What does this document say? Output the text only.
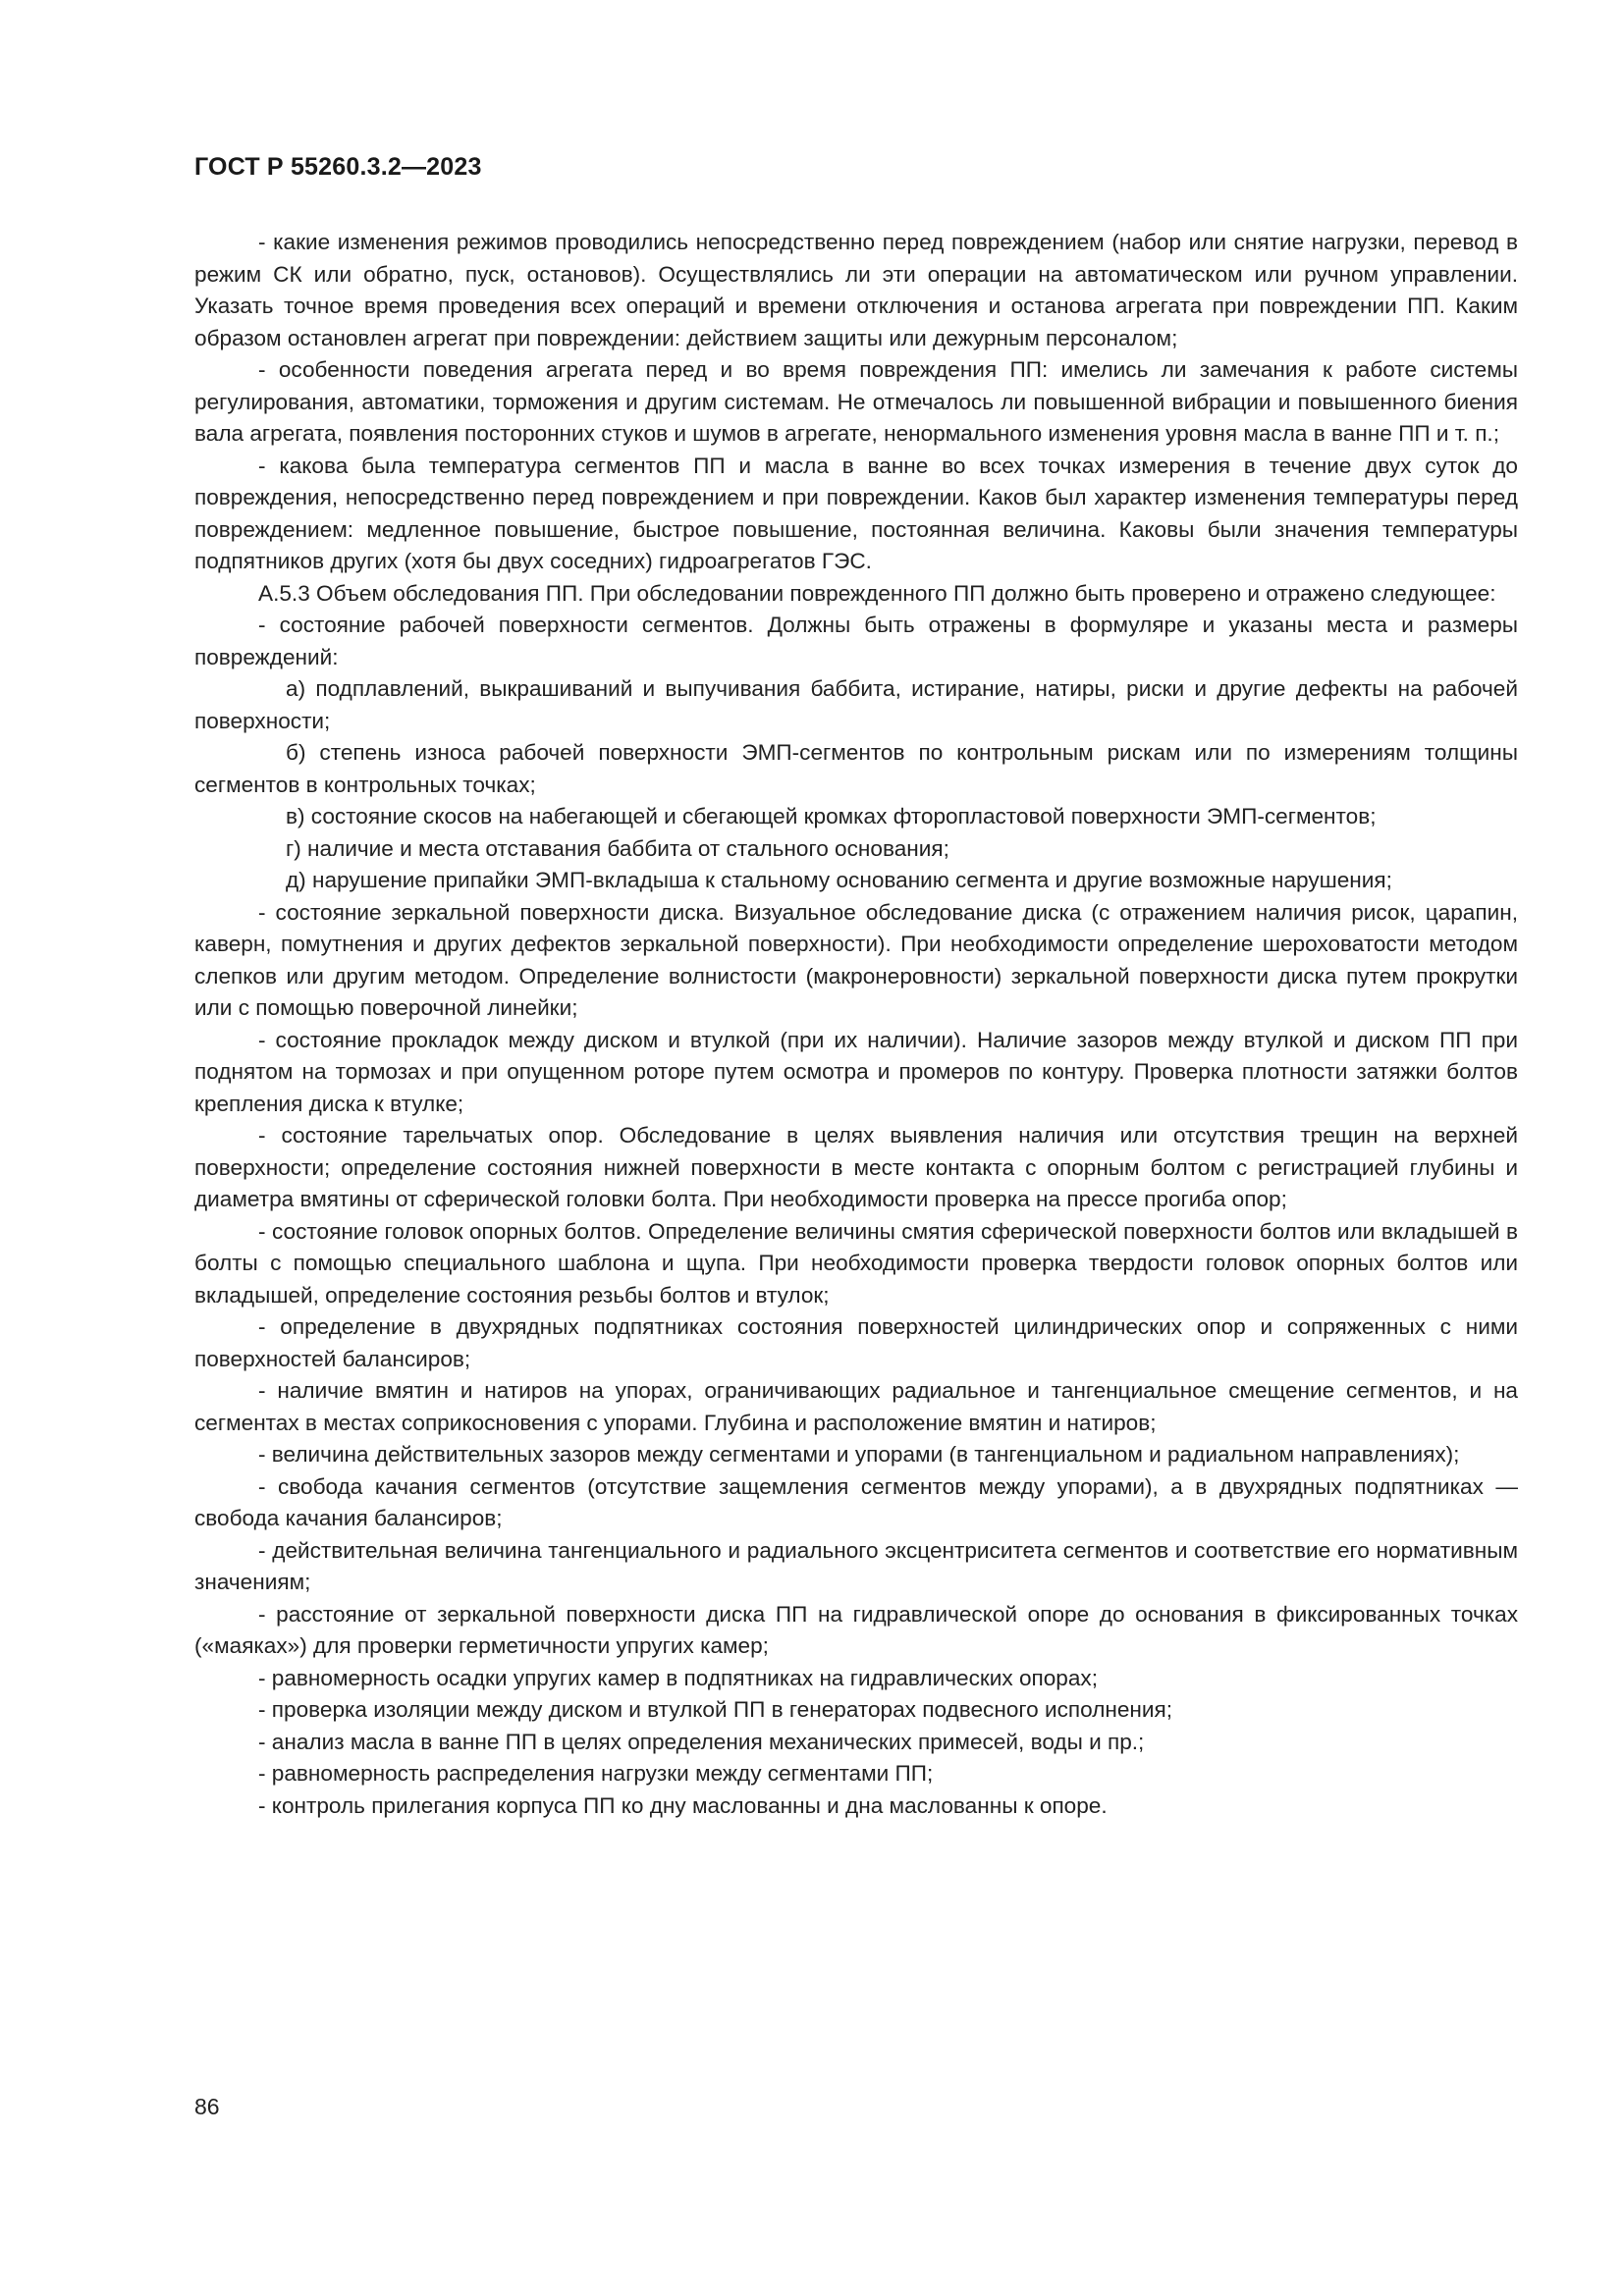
ГОСТ Р 55260.3.2—2023

- какие изменения режимов проводились непосредственно перед повреждением (набор или снятие нагрузки, перевод в режим СК или обратно, пуск, остановов). Осуществлялись ли эти операции на автоматическом или ручном управлении. Указать точное время проведения всех операций и времени отключения и останова агрегата при повреждении ПП. Каким образом остановлен агрегат при повреждении: действием защиты или дежурным персоналом;

- особенности поведения агрегата перед и во время повреждения ПП: имелись ли замечания к работе системы регулирования, автоматики, торможения и другим системам. Не отмечалось ли повышенной вибрации и повышенного биения вала агрегата, появления посторонних стуков и шумов в агрегате, ненормального изменения уровня масла в ванне ПП и т. п.;

- какова была температура сегментов ПП и масла в ванне во всех точках измерения в течение двух суток до повреждения, непосредственно перед повреждением и при повреждении. Каков был характер изменения температуры перед повреждением: медленное повышение, быстрое повышение, постоянная величина. Каковы были значения температуры подпятников других (хотя бы двух соседних) гидроагрегатов ГЭС.

А.5.3 Объем обследования ПП. При обследовании поврежденного ПП должно быть проверено и отражено следующее:

- состояние рабочей поверхности сегментов. Должны быть отражены в формуляре и указаны места и размеры повреждений:

а) подплавлений, выкрашиваний и выпучивания баббита, истирание, натиры, риски и другие дефекты на рабочей поверхности;

б) степень износа рабочей поверхности ЭМП-сегментов по контрольным рискам или по измерениям толщины сегментов в контрольных точках;

в) состояние скосов на набегающей и сбегающей кромках фторопластовой поверхности ЭМП-сегментов;

г) наличие и места отставания баббита от стального основания;

д) нарушение припайки ЭМП-вкладыша к стальному основанию сегмента и другие возможные нарушения;

- состояние зеркальной поверхности диска. Визуальное обследование диска (с отражением наличия рисок, царапин, каверн, помутнения и других дефектов зеркальной поверхности). При необходимости определение шероховатости методом слепков или другим методом. Определение волнистости (макронеровности) зеркальной поверхности диска путем прокрутки или с помощью поверочной линейки;

- состояние прокладок между диском и втулкой (при их наличии). Наличие зазоров между втулкой и диском ПП при поднятом на тормозах и при опущенном роторе путем осмотра и промеров по контуру. Проверка плотности затяжки болтов крепления диска к втулке;

- состояние тарельчатых опор. Обследование в целях выявления наличия или отсутствия трещин на верхней поверхности; определение состояния нижней поверхности в месте контакта с опорным болтом с регистрацией глубины и диаметра вмятины от сферической головки болта. При необходимости проверка на прессе прогиба опор;

- состояние головок опорных болтов. Определение величины смятия сферической поверхности болтов или вкладышей в болты с помощью специального шаблона и щупа. При необходимости проверка твердости головок опорных болтов или вкладышей, определение состояния резьбы болтов и втулок;

- определение в двухрядных подпятниках состояния поверхностей цилиндрических опор и сопряженных с ними поверхностей балансиров;

- наличие вмятин и натиров на упорах, ограничивающих радиальное и тангенциальное смещение сегментов, и на сегментах в местах соприкосновения с упорами. Глубина и расположение вмятин и натиров;

- величина действительных зазоров между сегментами и упорами (в тангенциальном и радиальном направлениях);

- свобода качания сегментов (отсутствие защемления сегментов между упорами), а в двухрядных подпятниках — свобода качания балансиров;

- действительная величина тангенциального и радиального эксцентриситета сегментов и соответствие его нормативным значениям;

- расстояние от зеркальной поверхности диска ПП на гидравлической опоре до основания в фиксированных точках («маяках») для проверки герметичности упругих камер;

- равномерность осадки упругих камер в подпятниках на гидравлических опорах;

- проверка изоляции между диском и втулкой ПП в генераторах подвесного исполнения;

- анализ масла в ванне ПП в целях определения механических примесей, воды и пр.;

- равномерность распределения нагрузки между сегментами ПП;

- контроль прилегания корпуса ПП ко дну маслованны и дна маслованны к опоре.

86
